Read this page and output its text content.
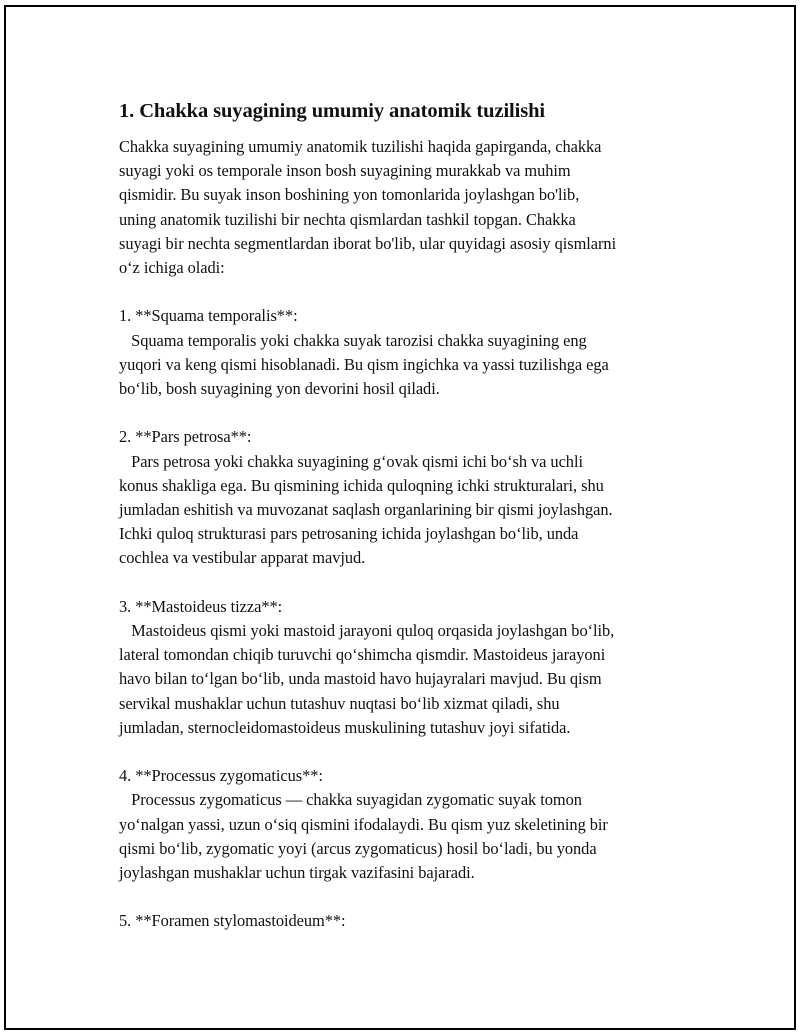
1. Chakka suyagining umumiy anatomik tuzilishi
Chakka suyagining umumiy anatomik tuzilishi haqida gapirganda, chakka
suyagi yoki os temporale inson bosh suyagining murakkab va muhim
qismidir. Bu suyak inson boshining yon tomonlarida joylashgan bo'lib,
uning anatomik tuzilishi bir nechta qismlardan tashkil topgan. Chakka
suyagi bir nechta segmentlardan iborat bo'lib, ular quyidagi asosiy qismlarni
o‘z ichiga oladi:
1. **Squama temporalis**:
Squama temporalis yoki chakka suyak tarozisi chakka suyagining eng
yuqori va keng qismi hisoblanadi. Bu qism ingichka va yassi tuzilishga ega
bo‘lib, bosh suyagining yon devorini hosil qiladi.
2. **Pars petrosa**:
Pars petrosa yoki chakka suyagining g‘ovak qismi ichi bo‘sh va uchli
konus shakliga ega. Bu qismining ichida quloqning ichki strukturalari, shu
jumladan eshitish va muvozanat saqlash organlarining bir qismi joylashgan.
Ichki quloq strukturasi pars petrosaning ichida joylashgan bo‘lib, unda
cochlea va vestibular apparat mavjud.
3. **Mastoideus tizza**:
Mastoideus qismi yoki mastoid jarayoni quloq orqasida joylashgan bo‘lib,
lateral tomondan chiqib turuvchi qo‘shimcha qismdir. Mastoideus jarayoni
havo bilan to‘lgan bo‘lib, unda mastoid havo hujayralari mavjud. Bu qism
servikal mushaklar uchun tutashuv nuqtasi bo‘lib xizmat qiladi, shu
jumladan, sternocleidomastoideus muskulining tutashuv joyi sifatida.
4. **Processus zygomaticus**:
Processus zygomaticus — chakka suyagidan zygomatic suyak tomon
yo‘nalgan yassi, uzun o‘siq qismini ifodalaydi. Bu qism yuz skeletining bir
qismi bo‘lib, zygomatic yoyi (arcus zygomaticus) hosil bo‘ladi, bu yonda
joylashgan mushaklar uchun tirgak vazifasini bajaradi.
5. **Foramen stylomastoideum**:
